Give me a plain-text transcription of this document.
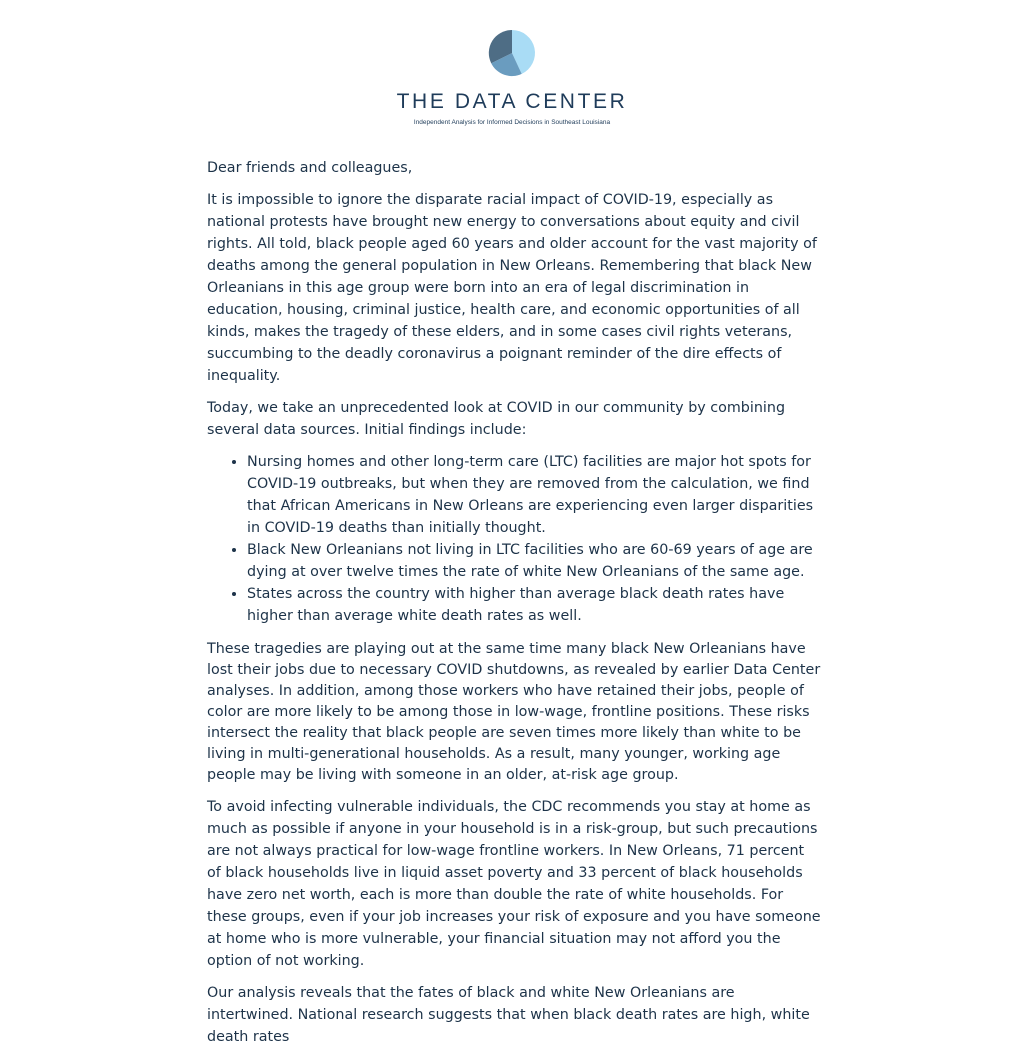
THE DATA CENTER
Independent Analysis for Informed Decisions in Southeast Louisiana

Dear friends and colleagues,

It is impossible to ignore the disparate racial impact of COVID-19, especially as national protests have brought new energy to conversations about equity and civil rights. All told, black people aged 60 years and older account for the vast majority of deaths among the general population in New Orleans. Remembering that black New Orleanians in this age group were born into an era of legal discrimination in education, housing, criminal justice, health care, and economic opportunities of all kinds, makes the tragedy of these elders, and in some cases civil rights veterans, succumbing to the deadly coronavirus a poignant reminder of the dire effects of inequality.

Today, we take an unprecedented look at COVID in our community by combining several data sources. Initial findings include:

• Nursing homes and other long-term care (LTC) facilities are major hot spots for COVID-19 outbreaks, but when they are removed from the calculation, we find that African Americans in New Orleans are experiencing even larger disparities in COVID-19 deaths than initially thought.
• Black New Orleanians not living in LTC facilities who are 60-69 years of age are dying at over twelve times the rate of white New Orleanians of the same age.
• States across the country with higher than average black death rates have higher than average white death rates as well.

These tragedies are playing out at the same time many black New Orleanians have lost their jobs due to necessary COVID shutdowns, as revealed by earlier Data Center analyses. In addition, among those workers who have retained their jobs, people of color are more likely to be among those in low-wage, frontline positions. These risks intersect the reality that black people are seven times more likely than white to be living in multi-generational households. As a result, many younger, working age people may be living with someone in an older, at-risk age group.

To avoid infecting vulnerable individuals, the CDC recommends you stay at home as much as possible if anyone in your household is in a risk-group, but such precautions are not always practical for low-wage frontline workers. In New Orleans, 71 percent of black households live in liquid asset poverty and 33 percent of black households have zero net worth, each is more than double the rate of white households. For these groups, even if your job increases your risk of exposure and you have someone at home who is more vulnerable, your financial situation may not afford you the option of not working.

Our analysis reveals that the fates of black and white New Orleanians are intertwined. National research suggests that when black death rates are high, white death rates
